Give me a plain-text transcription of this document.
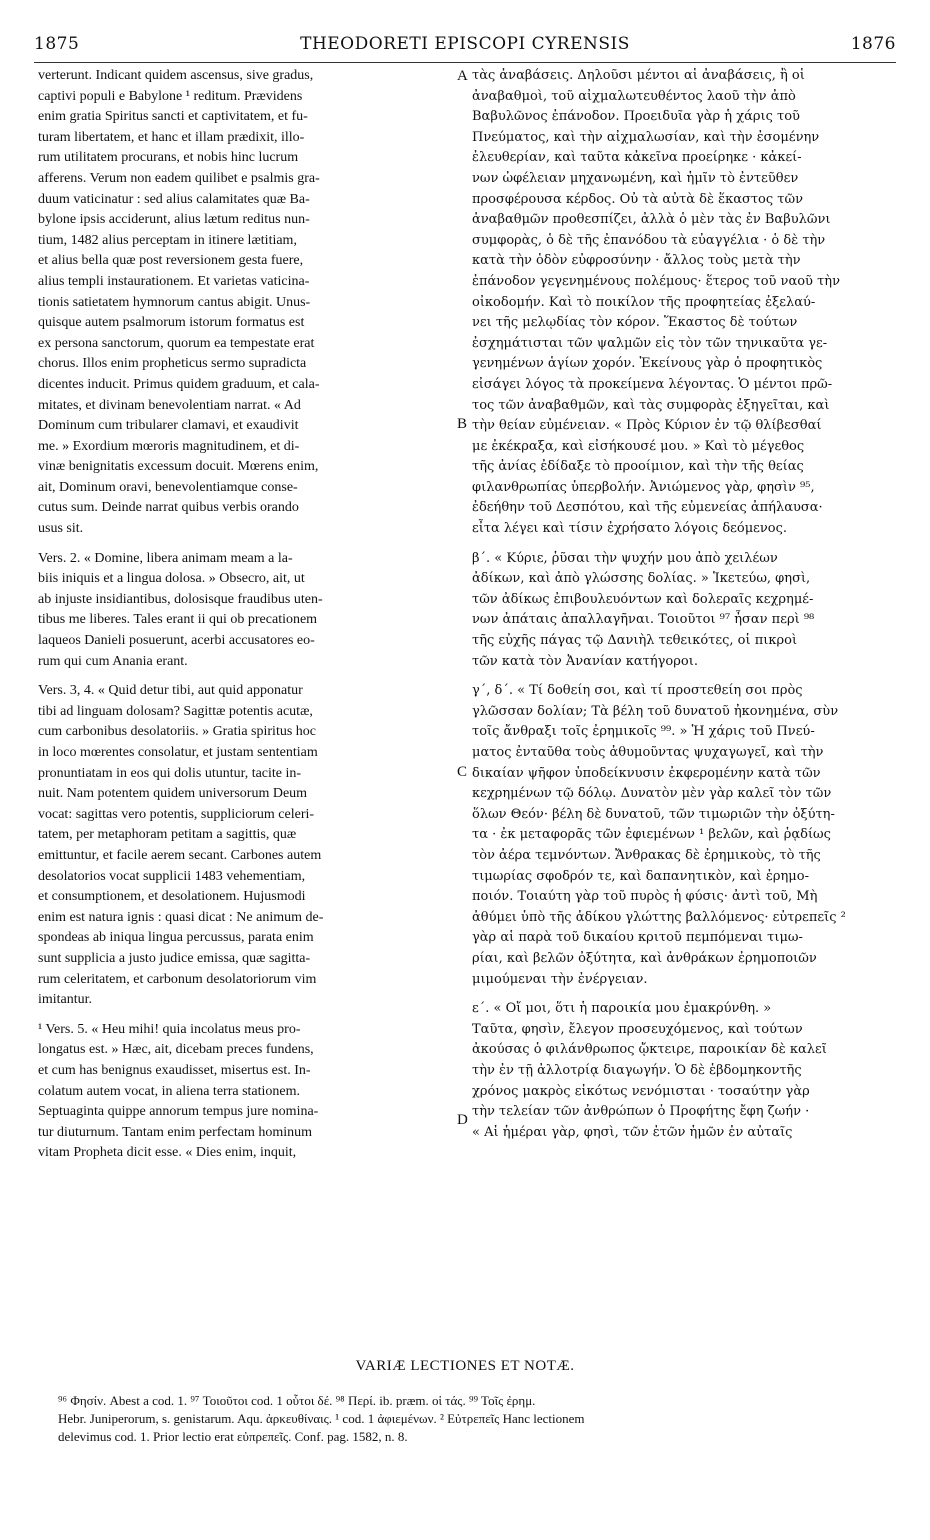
1875	THEODORETI EPISCOPI CYRENSIS	1876
verterunt. Indicant quidem ascensus, sive gradus,
captivi populi e Babylone ¹ reditum. Prævidens
enim gratia Spiritus sancti et captivitatem, et fu-
turam libertatem, et hanc et illam prædixit, illo-
rum utilitatem procurans, et nobis hinc lucrum
afferens. Verum non eadem quilibet e psalmis gra-
duum vaticinatur : sed alius calamitates quæ Ba-
bylone ipsis acciderunt, alius lætum reditus nun-
tium, 1482 alius perceptam in itinere lætitiam,
et alius bella quæ post reversionem gesta fuere,
alius templi instaurationem. Et varietas vaticina-
tionis satietatem hymnorum cantus abigit. Unus-
quisque autem psalmorum istorum formatus est
ex persona sanctorum, quorum ea tempestate erat
chorus. Illos enim propheticus sermo supradicta
dicentes inducit. Primus quidem graduum, et cala-
mitates, et divinam benevolentiam narrat. « Ad
Dominum cum tribularer clamavi, et exaudivit
me. » Exordium mœroris magnitudinem, et di-
vinæ benignitatis excessum docuit. Mœrens enim,
ait, Dominum oravi, benevolentiamque conse-
cutus sum. Deinde narrat quibus verbis orando
usus sit.
Vers. 2. « Domine, libera animam meam a la-
biis iniquis et a lingua dolosa. » Obsecro, ait, ut
ab injuste insidiantibus, dolosisque fraudibus uten-
tibus me liberes. Tales erant ii qui ob precationem
laqueos Danieli posuerunt, acerbi accusatores eo-
rum qui cum Anania erant.
Vers. 3, 4. « Quid detur tibi, aut quid apponatur
tibi ad linguam dolosam? Sagittæ potentis acutæ,
cum carbonibus desolatoriis. » Gratia spiritus hoc
in loco mœrentes consolatur, et justam sententiam
pronuntiatam in eos qui dolis utuntur, tacite in-
nuit. Nam potentem quidem universorum Deum
vocat: sagittas vero potentis, suppliciorum celeri-
tatem, per metaphoram petitam a sagittis, quæ
emittuntur, et facile aerem secant. Carbones autem
desolatorios vocat supplicii 1483 vehementiam,
et consumptionem, et desolationem. Hujusmodi
enim est natura ignis : quasi dicat : Ne animum de-
spondeas ab iniqua lingua percussus, parata enim
sunt supplicia a justo judice emissa, quæ sagitta-
rum celeritatem, et carbonum desolatoriorum vim
imitantur.
¹ Vers. 5. « Heu mihi! quia incolatus meus pro-
longatus est. » Hæc, ait, dicebam preces fundens,
et cum has benignus exaudisset, misertus est. In-
colatum autem vocat, in aliena terra stationem.
Septuaginta quippe annorum tempus jure nomina-
tur diuturnum. Tantam enim perfectam hominum
vitam Propheta dicit esse. « Dies enim, inquit,
τὰς ἀναβάσεις. Δηλοῦσι μέντοι αἱ ἀναβάσεις, ἢ οἱ
ἀναβαθμοὶ, τοῦ αἰχμαλωτευθέντος λαοῦ τὴν ἀπὸ
Βαβυλῶνος ἐπάνοδον. Προειδυῖα γὰρ ἡ χάρις τοῦ
Πνεύματος, καὶ τὴν αἰχμαλωσίαν, καὶ τὴν ἐσομένην
ἐλευθερίαν, καὶ ταῦτα κἀκεῖνα προείρηκε · κἀκεί-
νων ὠφέλειαν μηχανωμένη, καὶ ἡμῖν τὸ ἐντεῦθεν
προσφέρουσα κέρδος. Οὐ τὰ αὐτὰ δὲ ἕκαστος τῶν
ἀναβαθμῶν προθεσπίζει, ἀλλὰ ὁ μὲν τὰς ἐν Βαβυλῶνι
συμφορὰς, ὁ δὲ τῆς ἐπανόδου τὰ εὐαγγέλια · ὁ δὲ τὴν
κατὰ τὴν ὁδὸν εὐφροσύνην · ἄλλος τοὺς μετὰ τὴν
ἐπάνοδον γεγενημένους πολέμους· ἕτερος τοῦ ναοῦ τὴν
οἰκοδομήν. Καὶ τὸ ποικίλον τῆς προφητείας ἐξελαύ-
νει τῆς μελῳδίας τὸν κόρον. Ἕκαστος δὲ τούτων
ἐσχημάτισται τῶν ψαλμῶν εἰς τὸν τῶν τηνικαῦτα γε-
γενημένων ἁγίων χορόν. Ἐκείνους γὰρ ὁ προφητικὸς
εἰσάγει λόγος τὰ προκείμενα λέγοντας. Ὁ μέντοι πρῶ-
τος τῶν ἀναβαθμῶν, καὶ τὰς συμφορὰς ἐξηγεῖται, καὶ
τὴν θείαν εὐμένειαν. « Πρὸς Κύριον ἐν τῷ θλίβεσθαί
με ἐκέκραξα, καὶ εἰσήκουσέ μου. » Καὶ τὸ μέγεθος
τῆς ἀνίας ἐδίδαξε τὸ προοίμιον, καὶ τὴν τῆς θείας
φιλανθρωπίας ὑπερβολήν. Ἀνιώμενος γὰρ, φησὶν ⁹⁵,
ἐδεήθην τοῦ Δεσπότου, καὶ τῆς εὐμενείας ἀπήλαυσα·
εἶτα λέγει καὶ τίσιν ἐχρήσατο λόγοις δεόμενος.
β΄. « Κύριε, ῥῦσαι τὴν ψυχήν μου ἀπὸ χειλέων
ἀδίκων, καὶ ἀπὸ γλώσσης δολίας. » Ἱκετεύω, φησὶ,
τῶν ἀδίκως ἐπιβουλευόντων καὶ δολεραῖς κεχρημέ-
νων ἀπάταις ἀπαλλαγῆναι. Τοιοῦτοι ⁹⁷ ἦσαν περὶ ⁹⁸
τῆς εὐχῆς πάγας τῷ Δανιὴλ τεθεικότες, οἱ πικροὶ
τῶν κατὰ τὸν Ἀνανίαν κατήγοροι.
γ΄, δ΄. « Τί δοθείη σοι, καὶ τί προστεθείη σοι πρὸς
γλῶσσαν δολίαν; Τὰ βέλη τοῦ δυνατοῦ ἠκονημένα, σὺν
τοῖς ἄνθραξι τοῖς ἐρημικοῖς ⁹⁹. » Ἡ χάρις τοῦ Πνεύ-
ματος ἐνταῦθα τοὺς ἀθυμοῦντας ψυχαγωγεῖ, καὶ τὴν
δικαίαν ψῆφον ὑποδείκνυσιν ἐκφερομένην κατὰ τῶν
κεχρημένων τῷ δόλῳ. Δυνατὸν μὲν γὰρ καλεῖ τὸν τῶν
ὅλων Θεόν· βέλη δὲ δυνατοῦ, τῶν τιμωριῶν τὴν ὀξύτη-
τα · ἐκ μεταφορᾶς τῶν ἐφιεμένων ¹ βελῶν, καὶ ῥᾳδίως
τὸν ἀέρα τεμνόντων. Ἄνθρακας δὲ ἐρημικοὺς, τὸ τῆς
τιμωρίας σφοδρόν τε, καὶ δαπανητικὸν, καὶ ἐρημο-
ποιόν. Τοιαύτη γὰρ τοῦ πυρὸς ἡ φύσις· ἀντὶ τοῦ, Μὴ
ἀθύμει ὑπὸ τῆς ἀδίκου γλώττης βαλλόμενος· εὐτρεπεῖς ²
γὰρ αἱ παρὰ τοῦ δικαίου κριτοῦ πεμπόμεναι τιμω-
ρίαι, καὶ βελῶν ὀξύτητα, καὶ ἀνθράκων ἐρημοποιῶν
μιμούμεναι τὴν ἐνέργειαν.
ε΄. « Οἴ μοι, ὅτι ἡ παροικία μου ἐμακρύνθη. »
Ταῦτα, φησὶν, ἔλεγον προσευχόμενος, καὶ τούτων
ἀκούσας ὁ φιλάνθρωπος ᾤκτειρε, παροικίαν δὲ καλεῖ
τὴν ἐν τῇ ἀλλοτρίᾳ διαγωγήν. Ὁ δὲ ἑβδομηκοντῆς
χρόνος μακρὸς εἰκότως νενόμισται · τοσαύτην γὰρ
τὴν τελείαν τῶν ἀνθρώπων ὁ Προφήτης ἔφη ζωήν ·
« Αἱ ἡμέραι γὰρ, φησὶ, τῶν ἐτῶν ἡμῶν ἐν αὐταῖς
A
B
C
D
VARIÆ LECTIONES ET NOTÆ.
⁹⁶ Φησίν. Abest a cod. 1. ⁹⁷ Τοιοῦτοι cod. 1 οὗτοι δέ. ⁹⁸ Περί. ib. præm. οἱ τάς. ⁹⁹ Τοῖς ἐρημ.
Hebr. Juniperorum, s. genistarum. Aqu. ἀρκευθίναις. ¹ cod. 1 ἀφιεμένων. ² Εὐτρεπεῖς Hanc lectionem
delevimus cod. 1. Prior lectio erat εὐπρεπεῖς. Conf. pag. 1582, n. 8.
